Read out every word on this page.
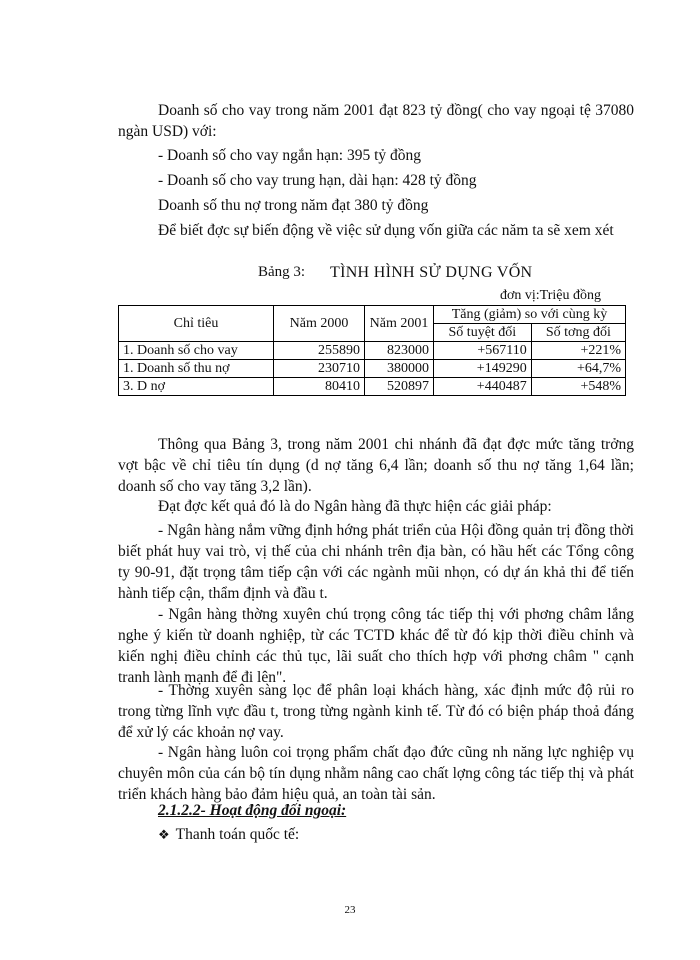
Doanh số cho vay trong năm 2001 đạt 823 tỷ đồng( cho vay ngoại tệ 37080 ngàn USD) với:

- Doanh số cho vay ngắn hạn: 395 tỷ đồng

- Doanh số cho vay trung hạn, dài hạn: 428 tỷ đồng

Doanh số thu nợ trong năm đạt 380 tỷ đồng

Để biết đợc sự biến động về việc sử dụng vốn giữa các năm ta sẽ xem xét

Bảng 3: TÌNH HÌNH SỬ DỤNG VỐN
đơn vị:Triệu đồng
Chỉ tiêu	Năm 2000	Năm 2001	Tăng (giảm) so với cùng kỳ	
			Số tuyệt đối	Số tơng đối
1. Doanh số cho vay	255890	823000	+567110	+221%
1. Doanh số thu nợ	230710	380000	+149290	+64,7%
3. D nợ	80410	520897	+440487	+548%

Thông qua Bảng 3, trong năm 2001 chi nhánh đã đạt đợc mức tăng trởng vợt bậc về chỉ tiêu tín dụng (d nợ tăng 6,4 lần; doanh số thu nợ tăng 1,64 lần; doanh số cho vay tăng 3,2 lần).

Đạt đợc kết quả đó là do Ngân hàng đã thực hiện các giải pháp:

- Ngân hàng nắm vững định hớng phát triển của Hội đồng quản trị đồng thời biết phát huy vai trò, vị thế của chi nhánh trên địa bàn, có hầu hết các Tổng công ty 90-91, đặt trọng tâm tiếp cận với các ngành mũi nhọn, có dự án khả thi để tiến hành tiếp cận, thẩm định và đầu t.

- Ngân hàng thờng xuyên chú trọng công tác tiếp thị với phơng châm lắng nghe ý kiến từ doanh nghiệp, từ các TCTD khác để từ đó kịp thời điều chỉnh và kiến nghị điều chỉnh các thủ tục, lãi suất cho thích hợp với phơng châm " cạnh tranh lành mạnh để đi lên".

- Thờng xuyên sàng lọc để phân loại khách hàng, xác định mức độ rủi ro trong từng lĩnh vực đầu t, trong từng ngành kinh tế. Từ đó có biện pháp thoả đáng để xử lý các khoản nợ vay.

- Ngân hàng luôn coi trọng phẩm chất đạo đức cũng nh năng lực nghiệp vụ chuyên môn của cán bộ tín dụng nhằm nâng cao chất lợng công tác tiếp thị và phát triển khách hàng bảo đảm hiệu quả, an toàn tài sản.

2.1.2.2- Hoạt động đối ngoại:
❖ Thanh toán quốc tế:
23
